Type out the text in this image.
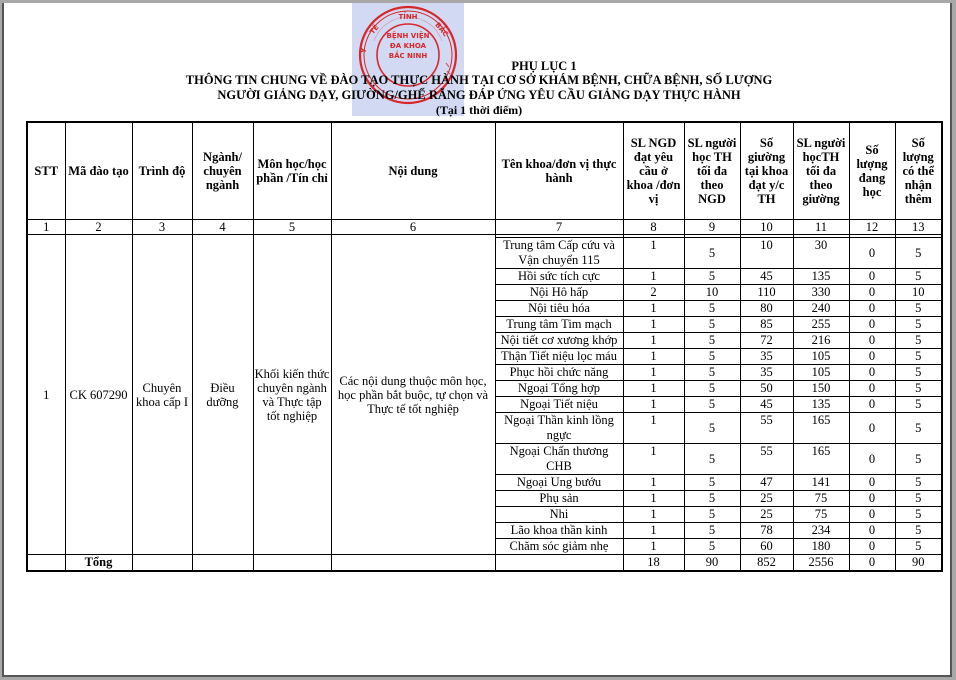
TỈNH
BẮC
TẾ
Y
BỆNH VIỆN
ĐA KHOA
BẮC NINH
PHỤ LỤC 1
THÔNG TIN CHUNG VỀ ĐÀO TẠO THỰC HÀNH TẠI CƠ SỞ KHÁM BỆNH, CHỮA BỆNH, SỐ LƯỢNG
NGƯỜI GIẢNG DẠY, GIƯỜNG/GHẾ RĂNG ĐÁP ỨNG YÊU CẦU GIẢNG DẠY THỰC HÀNH
(Tại 1 thời điểm)
STT	Mã đào tạo	Trình độ	Ngành/ chuyên ngành	Môn học/học phần /Tín chỉ	Nội dung	Tên khoa/đơn vị thực hành	SL NGD đạt yêu cầu ở khoa /đơn vị	SL người học TH tối đa theo NGD	Số giường tại khoa đạt y/c TH	SL người họcTH tối đa theo giường	Số lượng đang học	Số lượng có thể nhận thêm
1	2	3	4	5	6	7	8	9	10	11	12	13

1	CK 607290	Chuyên khoa cấp I	Điều dưỡng	Khối kiến thức chuyên ngành và Thực tập tốt nghiệp	Các nội dung thuộc môn học, học phần bắt buộc, tự chọn và Thực tế tốt nghiệp	Trung tâm Cấp cứu và Vận chuyển 115	1	5	10	30	0	5
						Hồi sức tích cực	1	5	45	135	0	5
						Nội Hô hấp	2	10	110	330	0	10
						Nội tiêu hóa	1	5	80	240	0	5
						Trung tâm Tim mạch	1	5	85	255	0	5
						Nội tiết cơ xương khớp	1	5	72	216	0	5
						Thận Tiết niệu lọc máu	1	5	35	105	0	5
						Phục hồi chức năng	1	5	35	105	0	5
						Ngoại Tổng hợp	1	5	50	150	0	5
						Ngoại Tiết niệu	1	5	45	135	0	5
						Ngoại Thần kinh lồng ngực	1	5	55	165	0	5
						Ngoại Chấn thương CHB	1	5	55	165	0	5
						Ngoại Ung bướu	1	5	47	141	0	5
						Phụ sản	1	5	25	75	0	5
						Nhi	1	5	25	75	0	5
						Lão khoa thần kinh	1	5	78	234	0	5
						Chăm sóc giảm nhẹ	1	5	60	180	0	5
	Tổng						18	90	852	2556	0	90
